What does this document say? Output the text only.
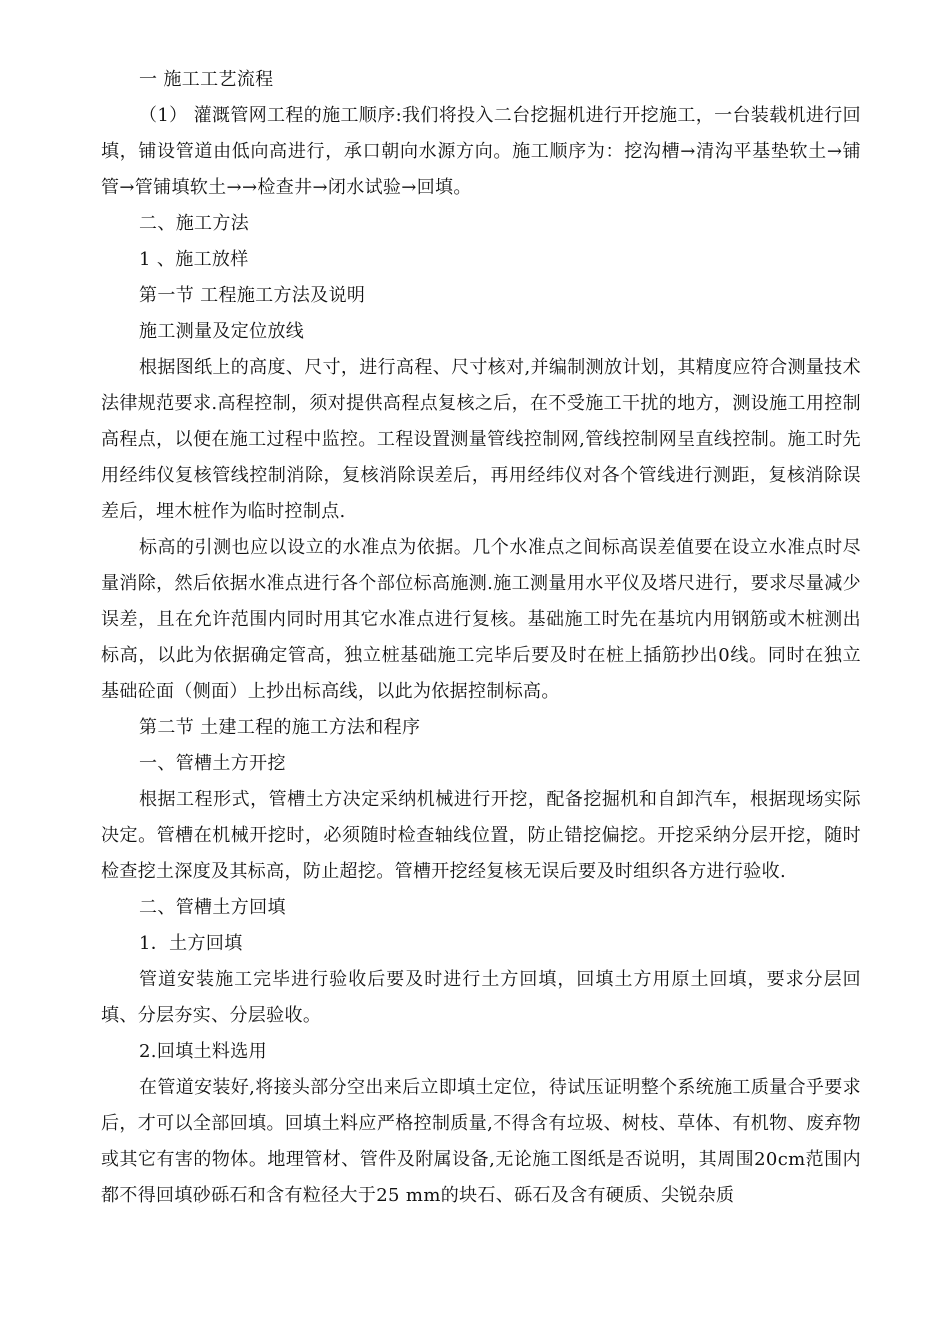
一 施工工艺流程

（1） 灌溉管网工程的施工顺序:我们将投入二台挖掘机进行开挖施工，一台装载机进行回填，铺设管道由低向高进行，承口朝向水源方向。施工顺序为：挖沟槽→清沟平基垫软土→铺管→管铺填软土→→检查井→闭水试验→回填。

二、施工方法
1 、施工放样
第一节 工程施工方法及说明
施工测量及定位放线

根据图纸上的高度、尺寸，进行高程、尺寸核对,并编制测放计划，其精度应符合测量技术法律规范要求.高程控制，须对提供高程点复核之后，在不受施工干扰的地方，测设施工用控制高程点，以便在施工过程中监控。工程设置测量管线控制网,管线控制网呈直线控制。施工时先用经纬仪复核管线控制消除，复核消除误差后，再用经纬仪对各个管线进行测距，复核消除误差后，埋木桩作为临时控制点.

标高的引测也应以设立的水准点为依据。几个水准点之间标高误差值要在设立水准点时尽量消除，然后依据水准点进行各个部位标高施测.施工测量用水平仪及塔尺进行，要求尽量减少误差，且在允许范围内同时用其它水准点进行复核。基础施工时先在基坑内用钢筋或木桩测出标高，以此为依据确定管高，独立桩基础施工完毕后要及时在桩上插筋抄出0线。同时在独立基础砼面（侧面）上抄出标高线，以此为依据控制标高。

第二节 土建工程的施工方法和程序
一、管槽土方开挖

根据工程形式，管槽土方决定采纳机械进行开挖，配备挖掘机和自卸汽车，根据现场实际决定。管槽在机械开挖时，必须随时检查轴线位置，防止错挖偏挖。开挖采纳分层开挖，随时检查挖土深度及其标高，防止超挖。管槽开挖经复核无误后要及时组织各方进行验收.

二、管槽土方回填
1．土方回填

管道安装施工完毕进行验收后要及时进行土方回填，回填土方用原土回填，要求分层回填、分层夯实、分层验收。

2.回填土料选用

在管道安装好,将接头部分空出来后立即填土定位，待试压证明整个系统施工质量合乎要求后，才可以全部回填。回填土料应严格控制质量,不得含有垃圾、树枝、草体、有机物、废弃物或其它有害的物体。地理管材、管件及附属设备,无论施工图纸是否说明，其周围20cm范围内都不得回填砂砾石和含有粒径大于25 mm的块石、砾石及含有硬质、尖锐杂质
